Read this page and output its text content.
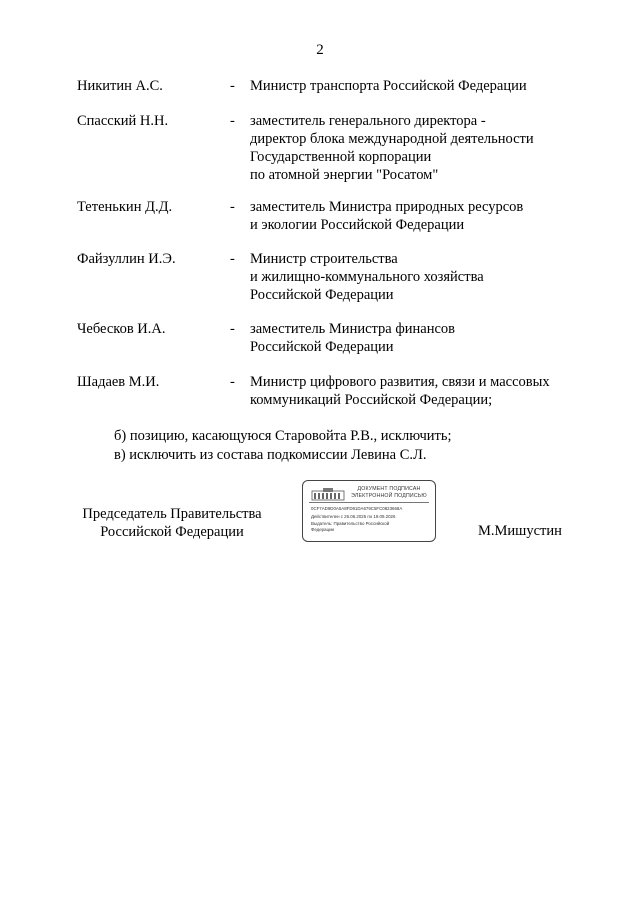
2
Никитин А.С.	- Министр транспорта Российской Федерации
Спасский Н.Н.	- заместитель генерального директора -
директор блока международной деятельности
Государственной корпорации
по атомной энергии "Росатом"
Тетенькин Д.Д.	- заместитель Министра природных ресурсов
и экологии Российской Федерации
Файзуллин И.Э.	- Министр строительства
и жилищно-коммунального хозяйства
Российской Федерации
Чебесков И.А.	- заместитель Министра финансов
Российской Федерации
Шадаев М.И.	- Министр цифрового развития, связи и массовых
коммуникаций Российской Федерации;
б) позицию, касающуюся Старовойта Р.В., исключить;
в) исключить из состава подкомиссии Левина С.Л.
Председатель Правительства
Российской Федерации
ДОКУМЕНТ ПОДПИСАН
ЭЛЕКТРОННОЙ ПОДПИСЬЮ
0CF7AD9D0A5A8FD91DA679C5FC0823668A
Действителен с 26.06.2025 по 19.09.2026
Выдатель: Правительство Российской
Федерации	М.Мишустин
